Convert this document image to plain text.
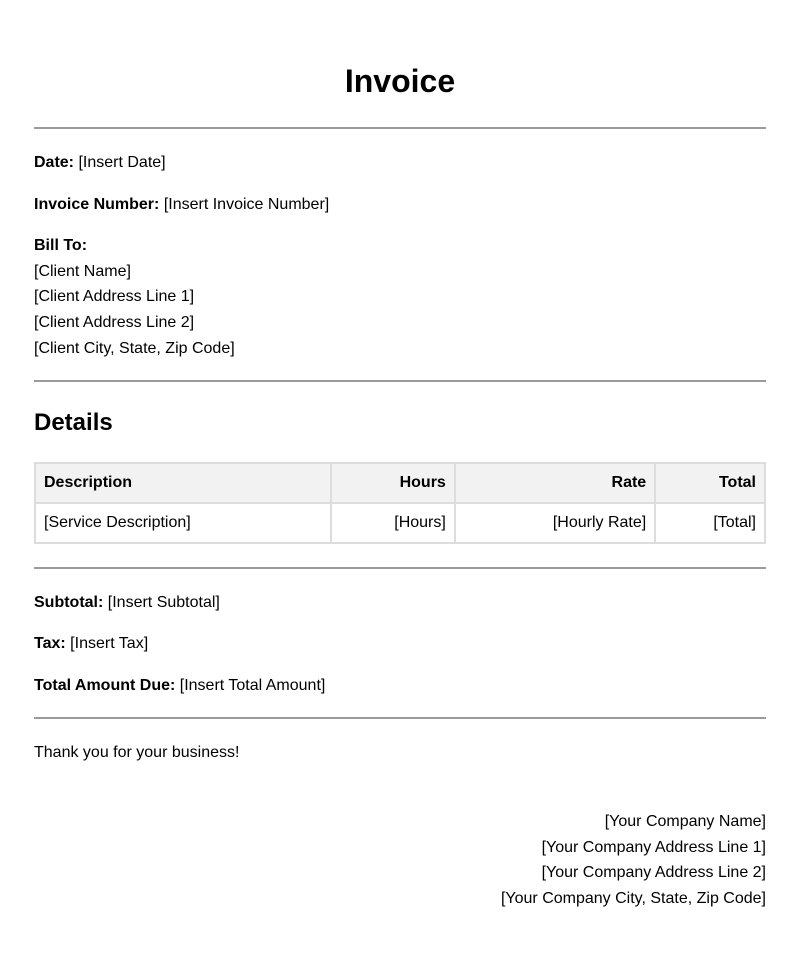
Invoice
Date: [Insert Date]
Invoice Number: [Insert Invoice Number]
Bill To:
[Client Name]
[Client Address Line 1]
[Client Address Line 2]
[Client City, State, Zip Code]
Details
Description	Hours	Rate	Total
[Service Description]	[Hours]	[Hourly Rate]	[Total]
Subtotal: [Insert Subtotal]
Tax: [Insert Tax]
Total Amount Due: [Insert Total Amount]
Thank you for your business!
[Your Company Name]
[Your Company Address Line 1]
[Your Company Address Line 2]
[Your Company City, State, Zip Code]
